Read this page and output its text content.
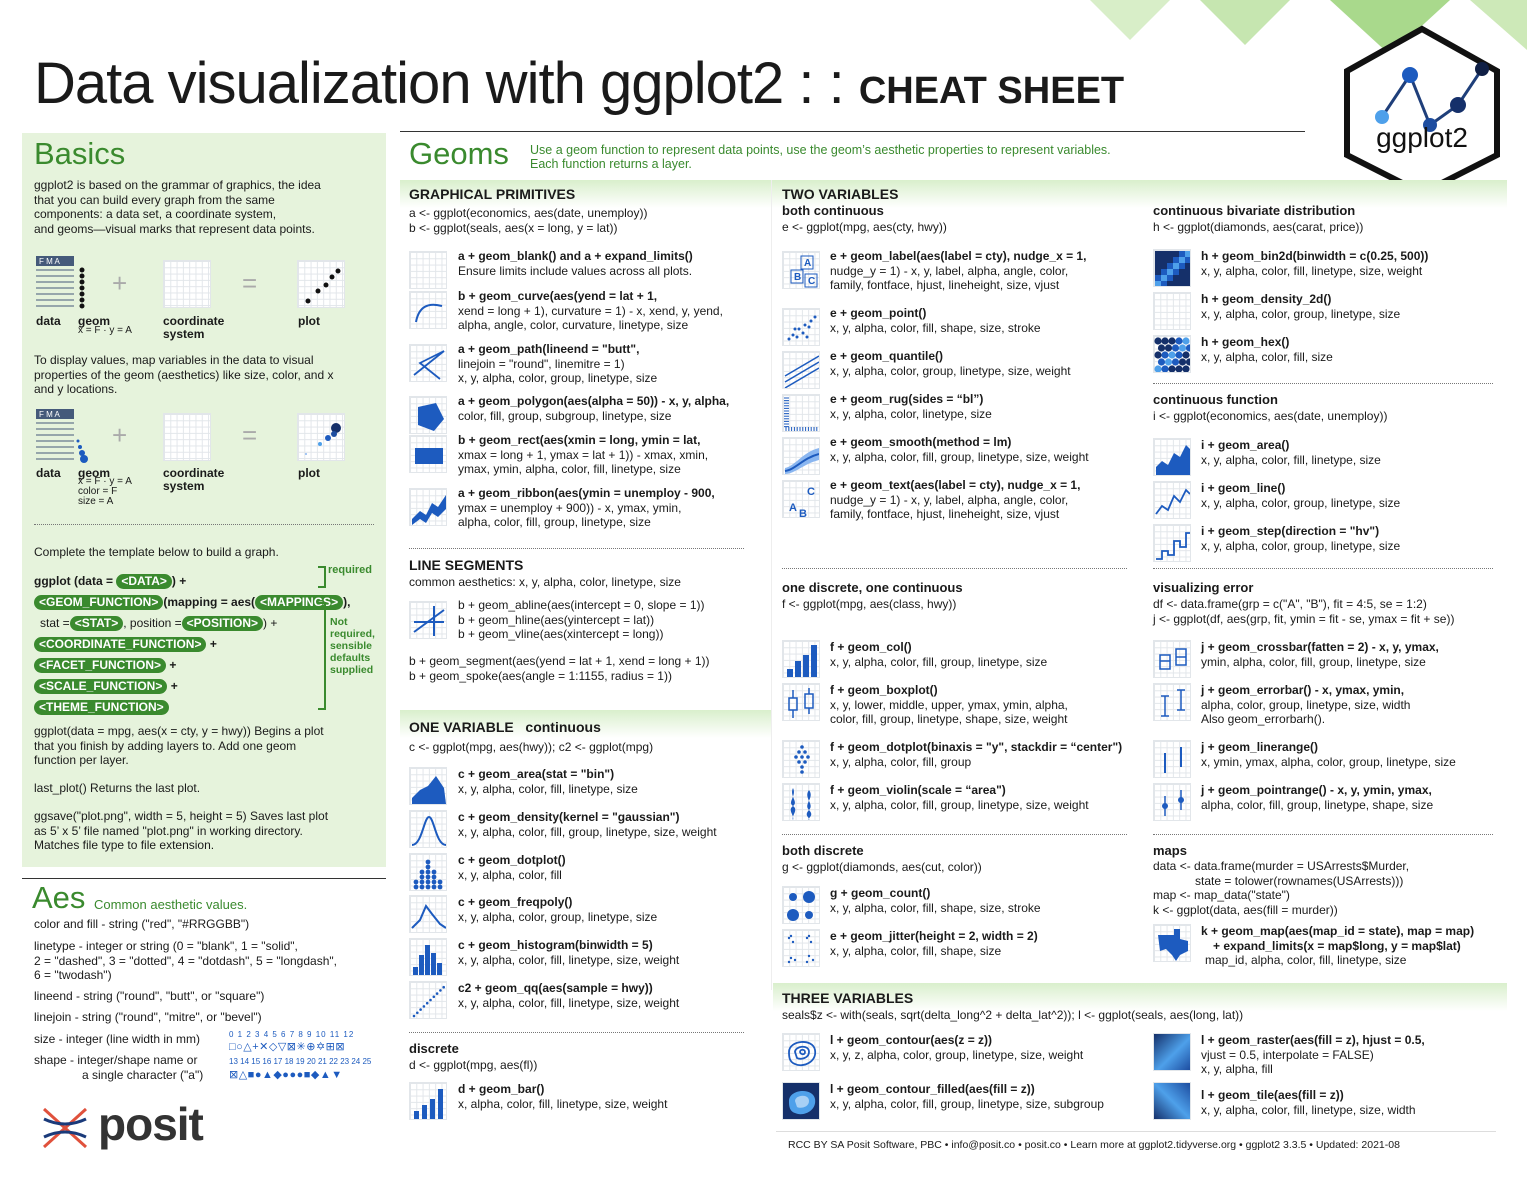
Data visualization with ggplot2 : : CHEAT SHEET
ggplot2
Basics
ggplot2 is based on the grammar of graphics, the idea
that you can build every graph from the same
components: a data set, a coordinate system,
and geoms—visual marks that represent data points.
F M A
+	=
data geom
x = F · y = A
coordinate
system
plot
To display values, map variables in the data to visual
properties of the geom (aesthetics) like size, color, and x
and y locations.
F M A
+	=
data geom
x = F · y = A
color = F
size = A
coordinate
system
plot
Complete the template below to build a graph.
ggplot (data = <DATA> ) +
<GEOM_FUNCTION> (mapping = aes( <MAPPINGS> ),
stat = <STAT> , position = <POSITION> ) +
<COORDINATE_FUNCTION> +
<FACET_FUNCTION> +
<SCALE_FUNCTION> +
<THEME_FUNCTION>
required
Not
required,
sensible
defaults
supplied
ggplot(data = mpg, aes(x = cty, y = hwy)) Begins a plot
that you finish by adding layers to. Add one geom
function per layer.
last_plot() Returns the last plot.
ggsave("plot.png", width = 5, height = 5) Saves last plot
as 5’ x 5’ file named "plot.png" in working directory.
Matches file type to file extension.
Aes Common aesthetic values.
color and fill - string ("red", "#RRGGBB")
linetype - integer or string (0 = "blank", 1 = "solid",
2 = "dashed", 3 = "dotted", 4 = "dotdash", 5 = "longdash",
6 = "twodash")
lineend - string ("round", "butt", or "square")
linejoin - string ("round", "mitre", or "bevel")
size - integer (line width in mm)
shape - integer/shape name or
a single character ("a")
0 1 2 3 4 5 6 7 8 9 10 11 12
□○△+✕◇▽⊠✳⊕✡⊞⊠
13 14 15 16 17 18 19 20 21 22 23 24 25
⊠△■●▲◆●●●■◆▲▼
posit
Geoms Use a geom function to represent data points, use the geom’s aesthetic properties to represent variables.
Each function returns a layer.
GRAPHICAL PRIMITIVES
a <- ggplot(economics, aes(date, unemploy))
b <- ggplot(seals, aes(x = long, y = lat))
a + geom_blank() and a + expand_limits()
Ensure limits include values across all plots.
b + geom_curve(aes(yend = lat + 1,
xend = long + 1), curvature = 1) - x, xend, y, yend,
alpha, angle, color, curvature, linetype, size
a + geom_path(lineend = "butt",
linejoin = "round", linemitre = 1)
x, y, alpha, color, group, linetype, size
a + geom_polygon(aes(alpha = 50)) - x, y, alpha,
color, fill, group, subgroup, linetype, size
b + geom_rect(aes(xmin = long, ymin = lat,
xmax = long + 1, ymax = lat + 1)) - xmax, xmin,
ymax, ymin, alpha, color, fill, linetype, size
a + geom_ribbon(aes(ymin = unemploy - 900,
ymax = unemploy + 900)) - x, ymax, ymin,
alpha, color, fill, group, linetype, size
LINE SEGMENTS
common aesthetics: x, y, alpha, color, linetype, size
b + geom_abline(aes(intercept = 0, slope = 1))
b + geom_hline(aes(yintercept = lat))
b + geom_vline(aes(xintercept = long))
b + geom_segment(aes(yend = lat + 1, xend = long + 1))
b + geom_spoke(aes(angle = 1:1155, radius = 1))
ONE VARIABLE continuous
c <- ggplot(mpg, aes(hwy)); c2 <- ggplot(mpg)
c + geom_area(stat = "bin")
x, y, alpha, color, fill, linetype, size
c + geom_density(kernel = "gaussian")
x, y, alpha, color, fill, group, linetype, size, weight
c + geom_dotplot()
x, y, alpha, color, fill
c + geom_freqpoly()
x, y, alpha, color, group, linetype, size
c + geom_histogram(binwidth = 5)
x, y, alpha, color, fill, linetype, size, weight
c2 + geom_qq(aes(sample = hwy))
x, y, alpha, color, fill, linetype, size, weight
discrete
d <- ggplot(mpg, aes(fl))
d + geom_bar()
x, alpha, color, fill, linetype, size, weight
TWO VARIABLES
both continuous
e <- ggplot(mpg, aes(cty, hwy))
A
B C
e + geom_label(aes(label = cty), nudge_x = 1,
nudge_y = 1) - x, y, label, alpha, angle, color,
family, fontface, hjust, lineheight, size, vjust
e + geom_point()
x, y, alpha, color, fill, shape, size, stroke
e + geom_quantile()
x, y, alpha, color, group, linetype, size, weight
e + geom_rug(sides = “bl”)
x, y, alpha, color, linetype, size
e + geom_smooth(method = lm)
x, y, alpha, color, fill, group, linetype, size, weight
C
A B
e + geom_text(aes(label = cty), nudge_x = 1,
nudge_y = 1) - x, y, label, alpha, angle, color,
family, fontface, hjust, lineheight, size, vjust
one discrete, one continuous
f <- ggplot(mpg, aes(class, hwy))
f + geom_col()
x, y, alpha, color, fill, group, linetype, size
f + geom_boxplot()
x, y, lower, middle, upper, ymax, ymin, alpha,
color, fill, group, linetype, shape, size, weight
f + geom_dotplot(binaxis = "y", stackdir = “center")
x, y, alpha, color, fill, group
f + geom_violin(scale = “area")
x, y, alpha, color, fill, group, linetype, size, weight
both discrete
g <- ggplot(diamonds, aes(cut, color))
g + geom_count()
x, y, alpha, color, fill, shape, size, stroke
e + geom_jitter(height = 2, width = 2)
x, y, alpha, color, fill, shape, size
continuous bivariate distribution
h <- ggplot(diamonds, aes(carat, price))
h + geom_bin2d(binwidth = c(0.25, 500))
x, y, alpha, color, fill, linetype, size, weight
h + geom_density_2d()
x, y, alpha, color, group, linetype, size
h + geom_hex()
x, y, alpha, color, fill, size
continuous function
i <- ggplot(economics, aes(date, unemploy))
i + geom_area()
x, y, alpha, color, fill, linetype, size
i + geom_line()
x, y, alpha, color, group, linetype, size
i + geom_step(direction = "hv")
x, y, alpha, color, group, linetype, size
visualizing error
df <- data.frame(grp = c("A", "B"), fit = 4:5, se = 1:2)
j <- ggplot(df, aes(grp, fit, ymin = fit - se, ymax = fit + se))
j + geom_crossbar(fatten = 2) - x, y, ymax,
ymin, alpha, color, fill, group, linetype, size
j + geom_errorbar() - x, ymax, ymin,
alpha, color, group, linetype, size, width
Also geom_errorbarh().
j + geom_linerange()
x, ymin, ymax, alpha, color, group, linetype, size
j + geom_pointrange() - x, y, ymin, ymax,
alpha, color, fill, group, linetype, shape, size
maps
data <- data.frame(murder = USArrests$Murder,
state = tolower(rownames(USArrests)))
map <- map_data("state")
k <- ggplot(data, aes(fill = murder))
k + geom_map(aes(map_id = state), map = map)
+ expand_limits(x = map$long, y = map$lat)
map_id, alpha, color, fill, linetype, size
THREE VARIABLES
seals$z <- with(seals, sqrt(delta_long^2 + delta_lat^2)); l <- ggplot(seals, aes(long, lat))
l + geom_contour(aes(z = z))
x, y, z, alpha, color, group, linetype, size, weight
l + geom_contour_filled(aes(fill = z))
x, y, alpha, color, fill, group, linetype, size, subgroup
l + geom_raster(aes(fill = z), hjust = 0.5,
vjust = 0.5, interpolate = FALSE)
x, y, alpha, fill
l + geom_tile(aes(fill = z))
x, y, alpha, color, fill, linetype, size, width
RCC BY SA Posit Software, PBC • info@posit.co • posit.co • Learn more at ggplot2.tidyverse.org • ggplot2 3.3.5 • Updated: 2021-08
